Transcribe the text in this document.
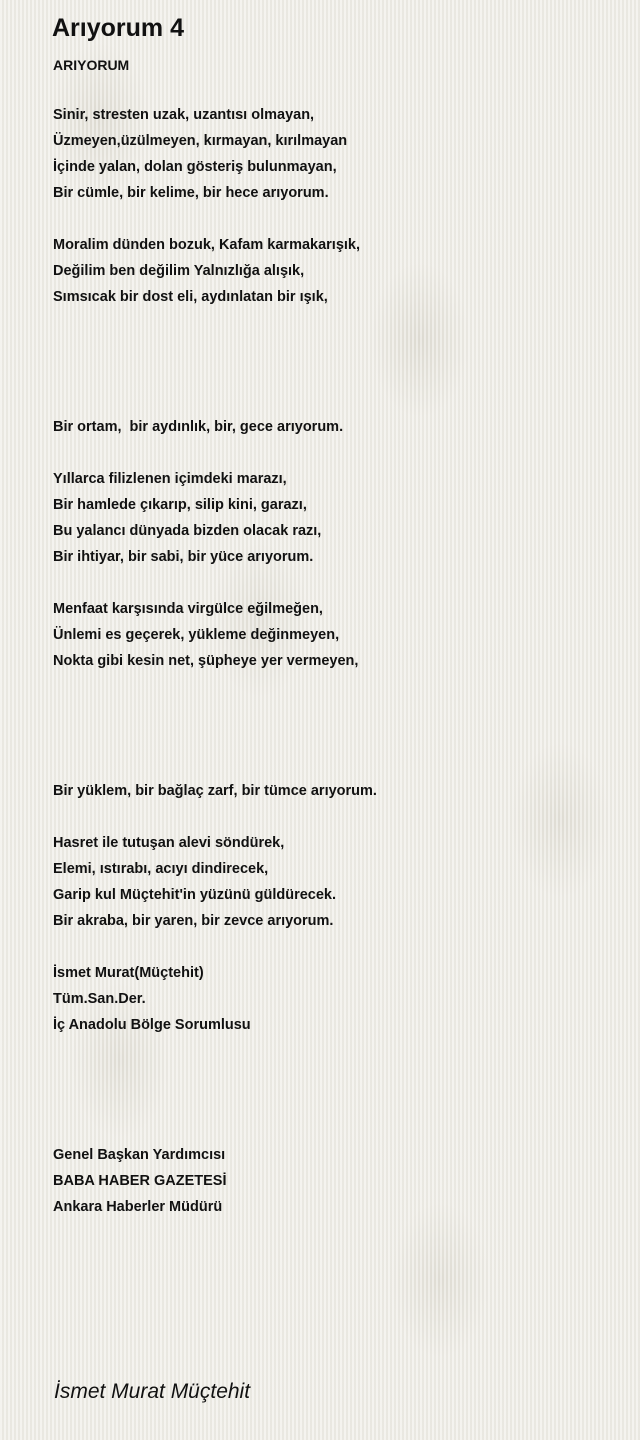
Arıyorum 4
ARIYORUM
Sinir, stresten uzak, uzantısı olmayan,
Üzmeyen,üzülmeyen, kırmayan, kırılmayan
İçinde yalan, dolan gösteriş bulunmayan,
Bir cümle, bir kelime, bir hece arıyorum.
Moralim dünden bozuk, Kafam karmakarışık,
Değilim ben değilim Yalnızlığa alışık,
Sımsıcak bir dost eli, aydınlatan bir ışık,
Bir ortam,  bir aydınlık, bir, gece arıyorum.
Yıllarca filizlenen içimdeki marazı,
Bir hamlede çıkarıp, silip kini, garazı,
Bu yalancı dünyada bizden olacak razı,
Bir ihtiyar, bir sabi, bir yüce arıyorum.
Menfaat karşısında virgülce eğilmeğen,
Ünlemi es geçerek, yükleme değinmeyen,
Nokta gibi kesin net, şüpheye yer vermeyen,
Bir yüklem, bir bağlaç zarf, bir tümce arıyorum.
Hasret ile tutuşan alevi söndürek,
Elemi, ıstırabı, acıyı dindirecek,
Garip kul Müçtehit'in yüzünü güldürecek.
Bir akraba, bir yaren, bir zevce arıyorum.
İsmet Murat(Müçtehit)
Tüm.San.Der.
İç Anadolu Bölge Sorumlusu
Genel Başkan Yardımcısı
BABA HABER GAZETESİ
Ankara Haberler Müdürü
İsmet Murat Müçtehit
